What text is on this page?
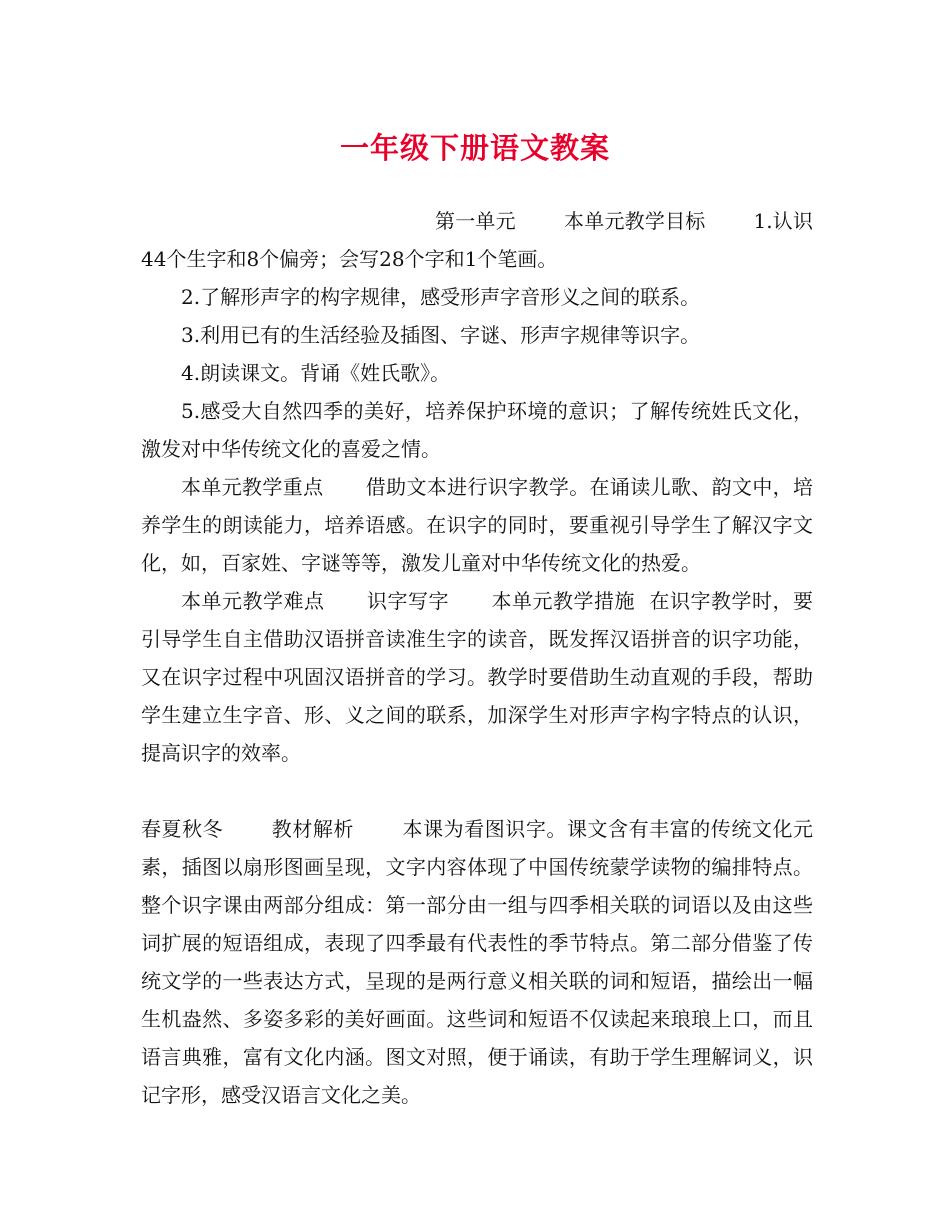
一年级下册语文教案

第一单元 本单元教学目标 1.认识44个生字和8个偏旁；会写28个字和1个笔画。

2.了解形声字的构字规律，感受形声字音形义之间的联系。

3.利用已有的生活经验及插图、字谜、形声字规律等识字。

4.朗读课文。背诵《姓氏歌》。

5.感受大自然四季的美好，培养保护环境的意识；了解传统姓氏文化，激发对中华传统文化的喜爱之情。

本单元教学重点 借助文本进行识字教学。在诵读儿歌、韵文中，培养学生的朗读能力，培养语感。在识字的同时，要重视引导学生了解汉字文化，如，百家姓、字谜等等，激发儿童对中华传统文化的热爱。

本单元教学难点 识字写字 本单元教学措施 在识字教学时，要引导学生自主借助汉语拼音读准生字的读音，既发挥汉语拼音的识字功能，又在识字过程中巩固汉语拼音的学习。教学时要借助生动直观的手段，帮助学生建立生字音、形、义之间的联系，加深学生对形声字构字特点的认识，提高识字的效率。

春夏秋冬 教材解析 本课为看图识字。课文含有丰富的传统文化元素，插图以扇形图画呈现，文字内容体现了中国传统蒙学读物的编排特点。整个识字课由两部分组成：第一部分由一组与四季相关联的词语以及由这些词扩展的短语组成，表现了四季最有代表性的季节特点。第二部分借鉴了传统文学的一些表达方式，呈现的是两行意义相关联的词和短语，描绘出一幅生机盎然、多姿多彩的美好画面。这些词和短语不仅读起来琅琅上口，而且语言典雅，富有文化内涵。图文对照，便于诵读，有助于学生理解词义，识记字形，感受汉语言文化之美。
